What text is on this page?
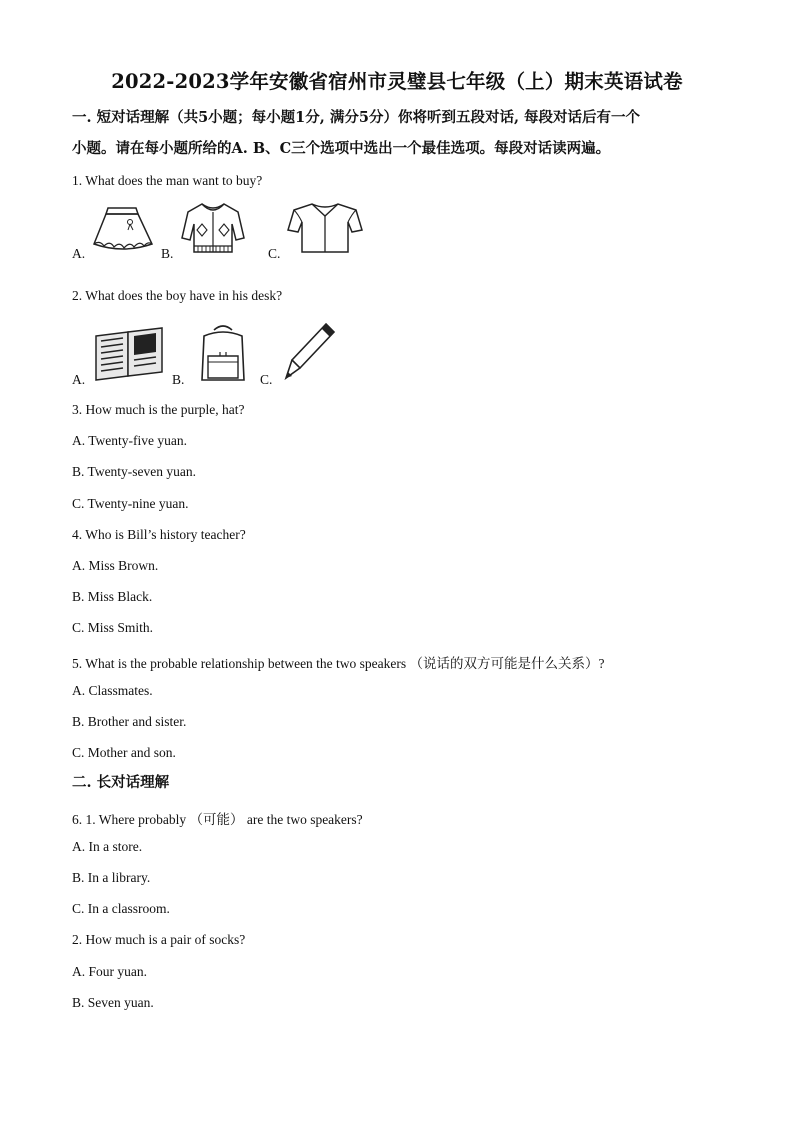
2022-2023学年安徽省宿州市灵璧县七年级（上）期末英语试卷
一. 短对话理解（共5小题；每小题1分, 满分5分）你将听到五段对话, 每段对话后有一个
小题。请在每小题所给的A. B、C三个选项中选出一个最佳选项。每段对话读两遍。
1. What does the man want to buy?
A.	B.	C.
2. What does the boy have in his desk?
A.	B.	C.
3. How much is the purple, hat?
A. Twenty-five yuan.
B. Twenty-seven yuan.
C. Twenty-nine yuan.
4. Who is Bill’s history teacher?
A. Miss Brown.
B. Miss Black.
C. Miss Smith.
5. What is the probable relationship between the two speakers （说话的双方可能是什么关系）?
A. Classmates.
B. Brother and sister.
C. Mother and son.
二. 长对话理解
6. 1. Where probably （可能） are the two speakers?
A. In a store.
B. In a library.
C. In a classroom.
2. How much is a pair of socks?
A. Four yuan.
B. Seven yuan.
